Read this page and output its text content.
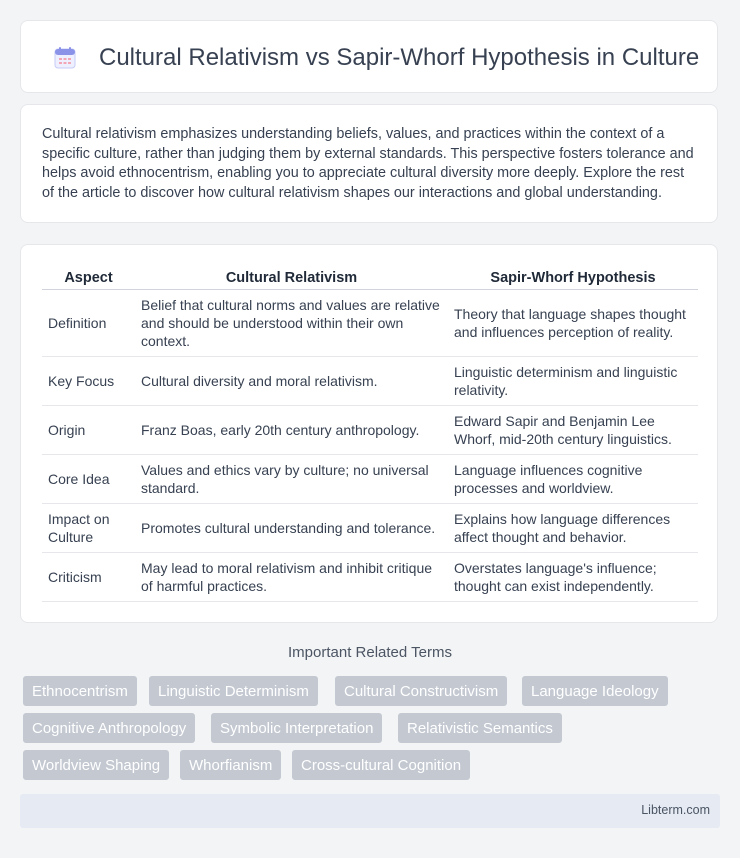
Cultural Relativism vs Sapir-Whorf Hypothesis in Culture

Cultural relativism emphasizes understanding beliefs, values, and practices within the context of a specific culture, rather than judging them by external standards. This perspective fosters tolerance and helps avoid ethnocentrism, enabling you to appreciate cultural diversity more deeply. Explore the rest of the article to discover how cultural relativism shapes our interactions and global understanding.

Aspect	Cultural Relativism	Sapir-Whorf Hypothesis
Definition	Belief that cultural norms and values are relative and should be understood within their own context.	Theory that language shapes thought and influences perception of reality.
Key Focus	Cultural diversity and moral relativism.	Linguistic determinism and linguistic relativity.
Origin	Franz Boas, early 20th century anthropology.	Edward Sapir and Benjamin Lee Whorf, mid-20th century linguistics.
Core Idea	Values and ethics vary by culture; no universal standard.	Language influences cognitive processes and worldview.
Impact on Culture	Promotes cultural understanding and tolerance.	Explains how language differences affect thought and behavior.
Criticism	May lead to moral relativism and inhibit critique of harmful practices.	Overstates language's influence; thought can exist independently.
Important Related Terms
Ethnocentrism	Linguistic Determinism	Cultural Constructivism	Language Ideology
Cognitive Anthropology	Symbolic Interpretation	Relativistic Semantics
Worldview Shaping	Whorfianism	Cross-cultural Cognition
Libterm.com
